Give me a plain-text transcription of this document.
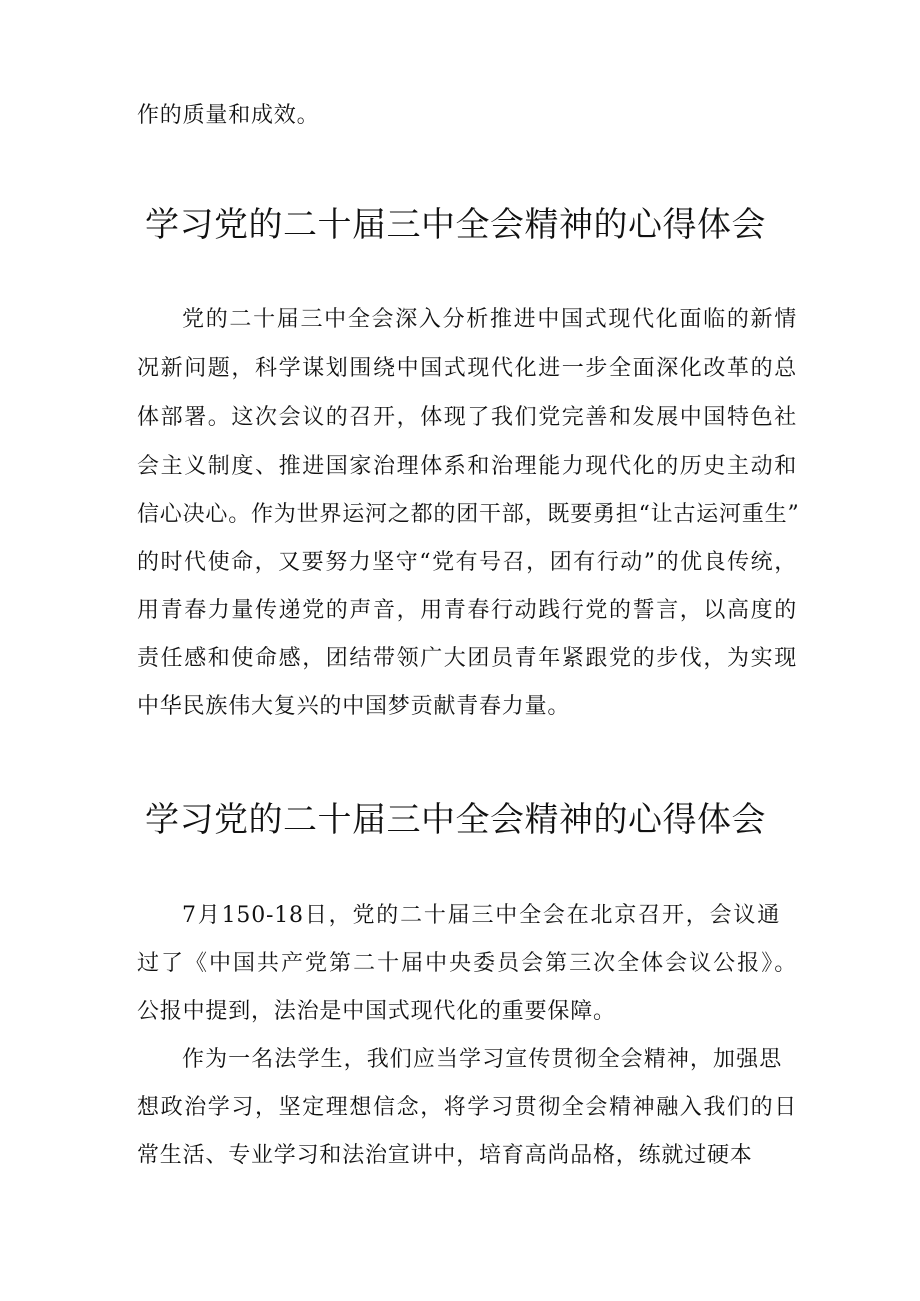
作的质量和成效。
学习党的二十届三中全会精神的心得体会
党的二十届三中全会深入分析推进中国式现代化面临的新情
况新问题，科学谋划围绕中国式现代化进一步全面深化改革的总
体部署。这次会议的召开，体现了我们党完善和发展中国特色社
会主义制度、推进国家治理体系和治理能力现代化的历史主动和
信心决心。作为世界运河之都的团干部，既要勇担“让古运河重生”
的时代使命，又要努力坚守“党有号召，团有行动”的优良传统，
用青春力量传递党的声音，用青春行动践行党的誓言，以高度的
责任感和使命感，团结带领广大团员青年紧跟党的步伐，为实现
中华民族伟大复兴的中国梦贡献青春力量。
学习党的二十届三中全会精神的心得体会
7月150-18日，党的二十届三中全会在北京召开，会议通
过了《中国共产党第二十届中央委员会第三次全体会议公报》。
公报中提到，法治是中国式现代化的重要保障。
作为一名法学生，我们应当学习宣传贯彻全会精神，加强思
想政治学习，坚定理想信念，将学习贯彻全会精神融入我们的日
常生活、专业学习和法治宣讲中，培育高尚品格，练就过硬本
